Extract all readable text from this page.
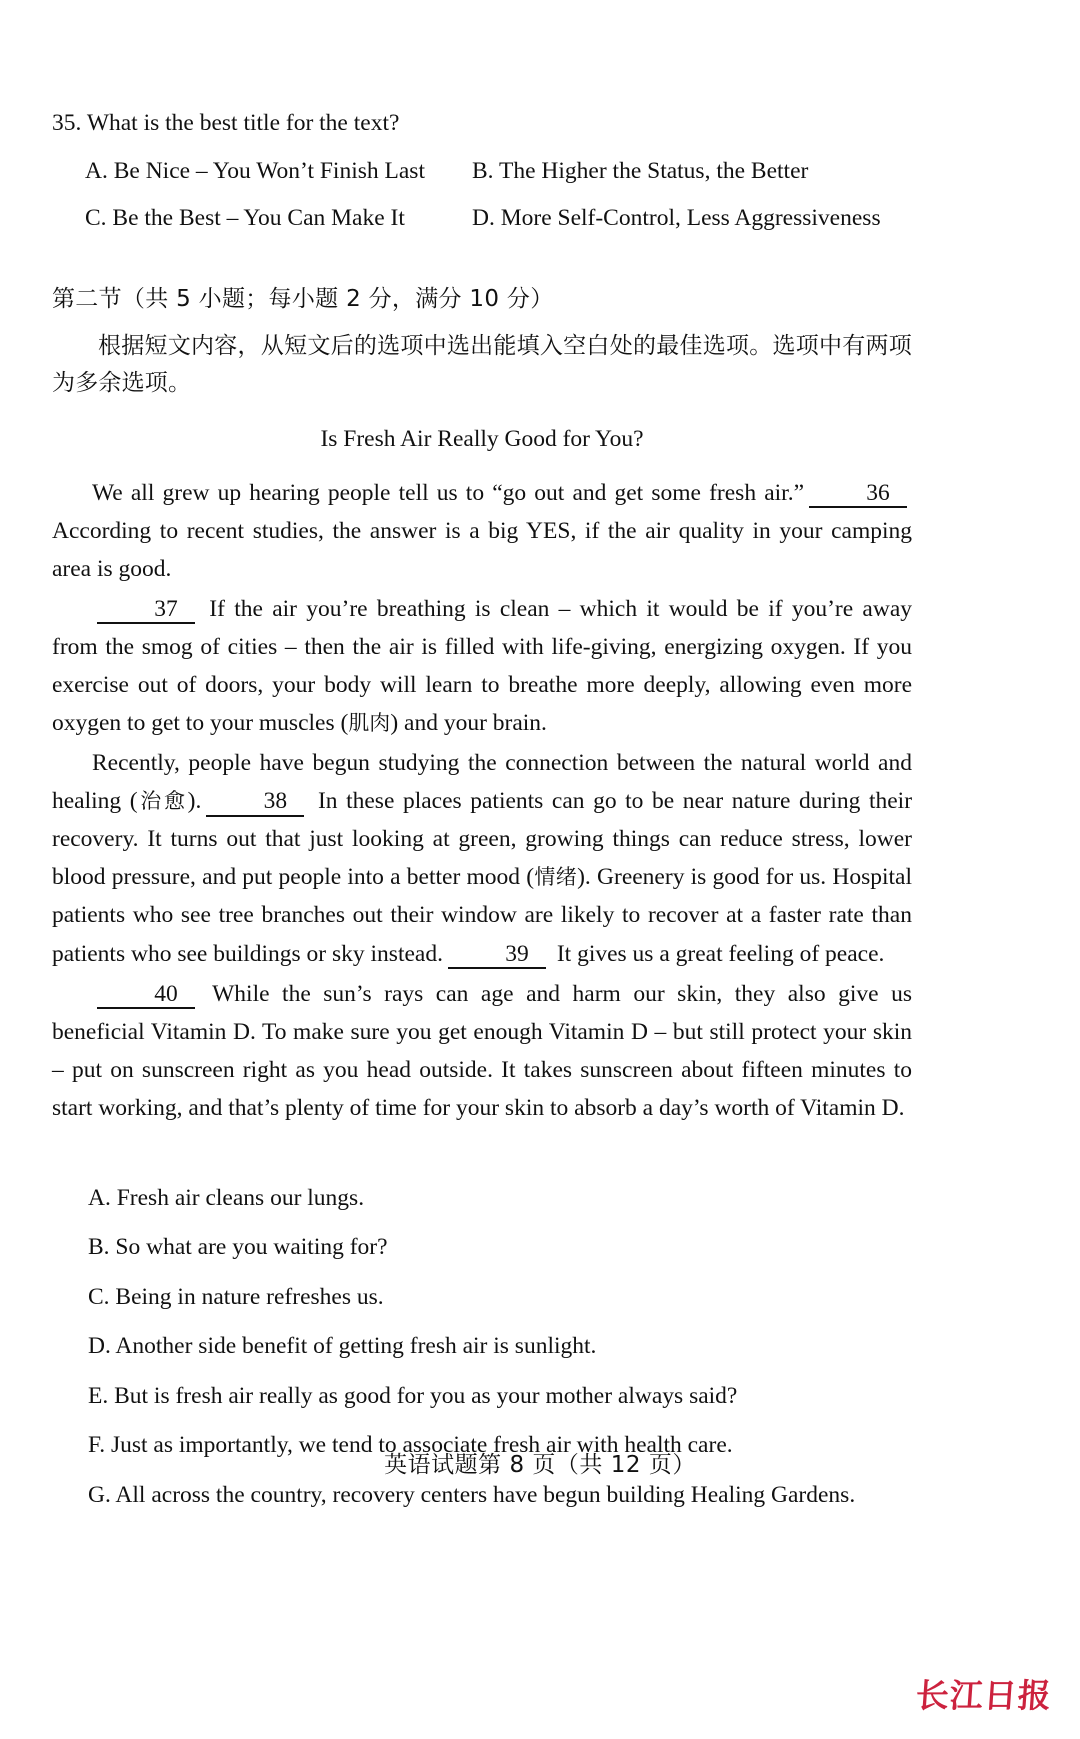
35. What is the best title for the text?
A. Be Nice – You Won’t Finish Last	B. The Higher the Status, the Better
C. Be the Best – You Can Make It	D. More Self-Control, Less Aggressiveness
第二节（共 5 小题；每小题 2 分，满分 10 分）
根据短文内容，从短文后的选项中选出能填入空白处的最佳选项。选项中有两项为多余选项。
Is Fresh Air Really Good for You?

We all grew up hearing people tell us to “go out and get some fresh air.”	36According to recent studies, the answer is a big YES, if the air quality in your camping area is good.

37 If the air you’re breathing is clean – which it would be if you’re away from the smog of cities – then the air is filled with life-giving, energizing oxygen. If you exercise out of doors, your body will learn to breathe more deeply, allowing even more oxygen to get to your muscles (肌肉) and your brain.

Recently, people have begun studying the connection between the natural world and healing (治愈).	38 In these places patients can go to be near nature during their recovery. It turns out that just looking at green, growing things can reduce stress, lower blood pressure, and put people into a better mood (情绪). Greenery is good for us. Hospital patients who see tree branches out their window are likely to recover at a faster rate than patients who see buildings or sky instead.	39 It gives us a great feeling of peace.

40 While the sun’s rays can age and harm our skin, they also give us beneficial Vitamin D. To make sure you get enough Vitamin D – but still protect your skin – put on sunscreen right as you head outside. It takes sunscreen about fifteen minutes to start working, and that’s plenty of time for your skin to absorb a day’s worth of Vitamin D.

A. Fresh air cleans our lungs.
B. So what are you waiting for?
C. Being in nature refreshes us.
D. Another side benefit of getting fresh air is sunlight.
E. But is fresh air really as good for you as your mother always said?
F. Just as importantly, we tend to associate fresh air with health care.
G. All across the country, recovery centers have begun building Healing Gardens.
英语试题第 8 页（共 12 页）
长江日报
